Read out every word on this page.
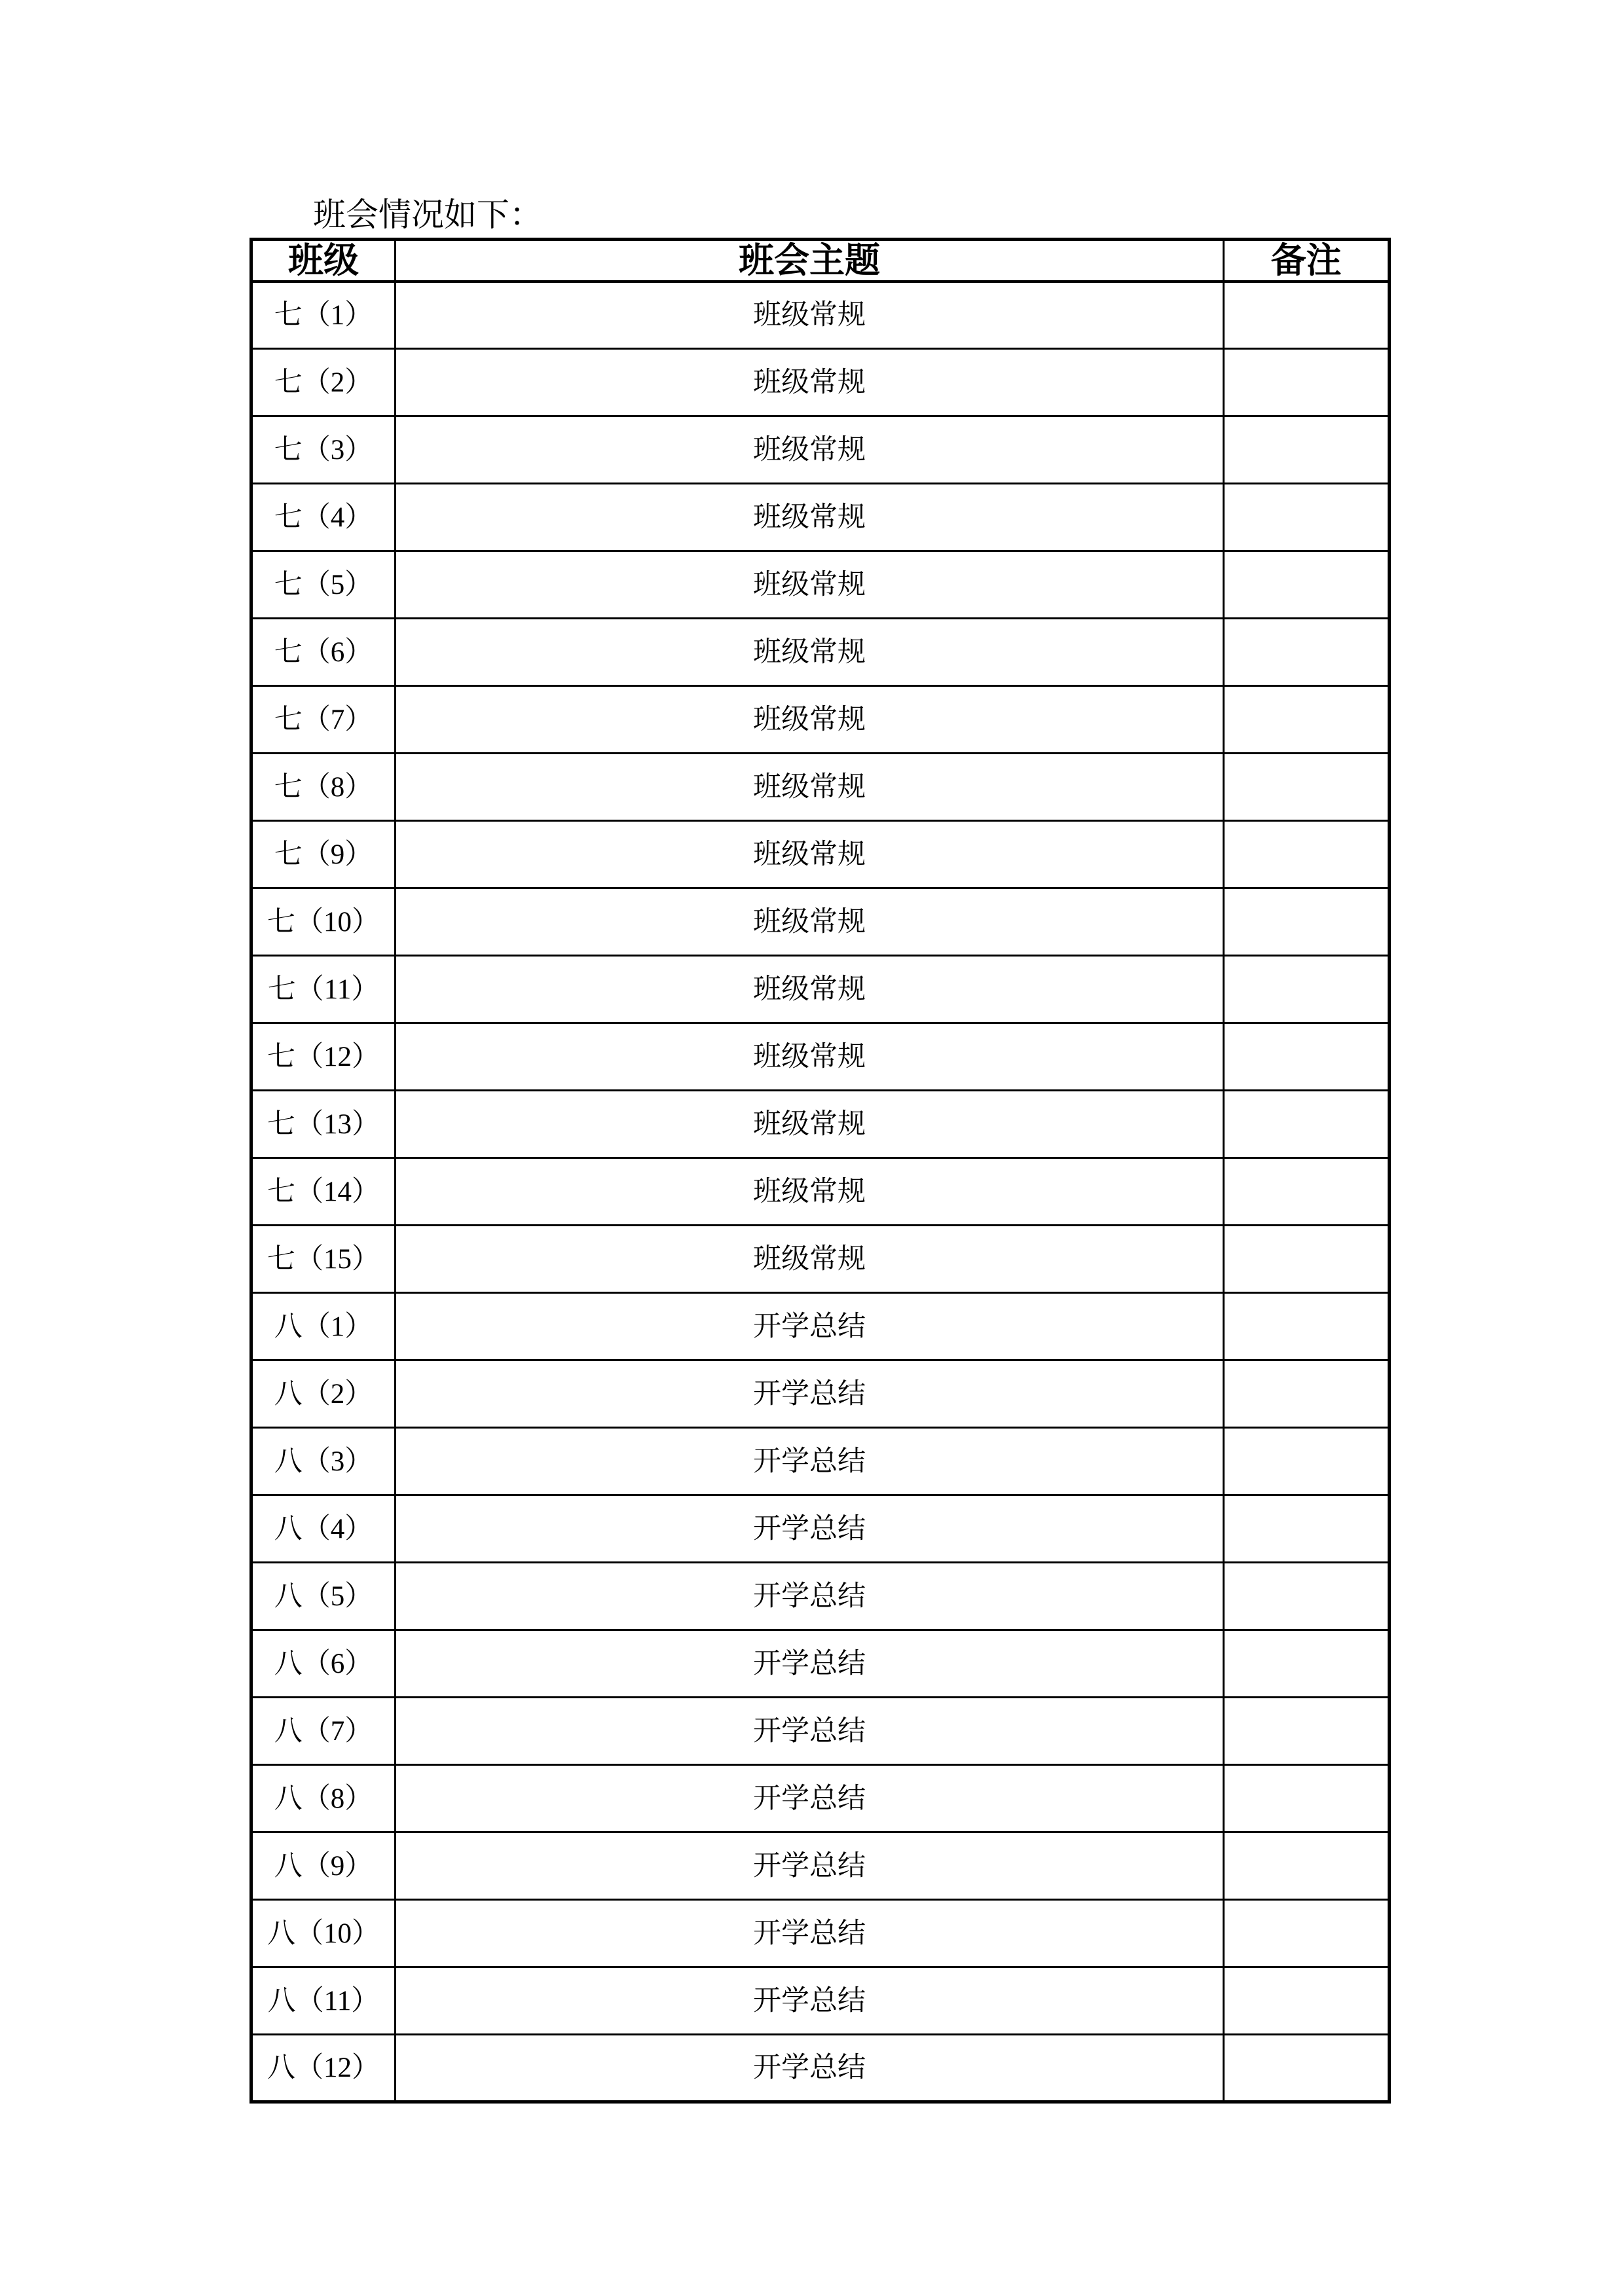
班会情况如下：
班级	班会主题	备注
七（1）	班级常规	
七（2）	班级常规	
七（3）	班级常规	
七（4）	班级常规	
七（5）	班级常规	
七（6）	班级常规	
七（7）	班级常规	
七（8）	班级常规	
七（9）	班级常规	
七（10）	班级常规	
七（11）	班级常规	
七（12）	班级常规	
七（13）	班级常规	
七（14）	班级常规	
七（15）	班级常规	
八（1）	开学总结	
八（2）	开学总结	
八（3）	开学总结	
八（4）	开学总结	
八（5）	开学总结	
八（6）	开学总结	
八（7）	开学总结	
八（8）	开学总结	
八（9）	开学总结	
八（10）	开学总结	
八（11）	开学总结	
八（12）	开学总结	
